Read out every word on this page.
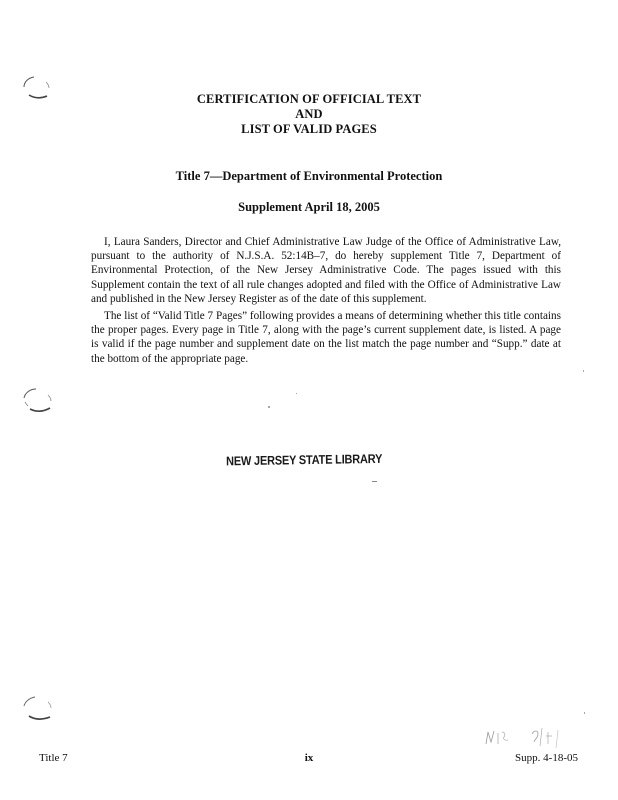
CERTIFICATION OF OFFICIAL TEXT
AND
LIST OF VALID PAGES
Title 7—Department of Environmental Protection
Supplement April 18, 2005

I, Laura Sanders, Director and Chief Administrative Law Judge of the Office of Administrative Law, pursuant to the authority of N.J.S.A. 52:14B–7, do hereby supplement Title 7, Department of Environmental Protection, of the New Jersey Administrative Code. The pages issued with this Supplement contain the text of all rule changes adopted and filed with the Office of Administrative Law and published in the New Jersey Register as of the date of this supplement.

The list of “Valid Title 7 Pages” following provides a means of determining whether this title contains the proper pages. Every page in Title 7, along with the page’s current supplement date, is listed. A page is valid if the page number and supplement date on the list match the page number and “Supp.” date at the bottom of the appropriate page.

NEW JERSEY STATE LIBRARY
Title 7	ix	Supp. 4-18-05
